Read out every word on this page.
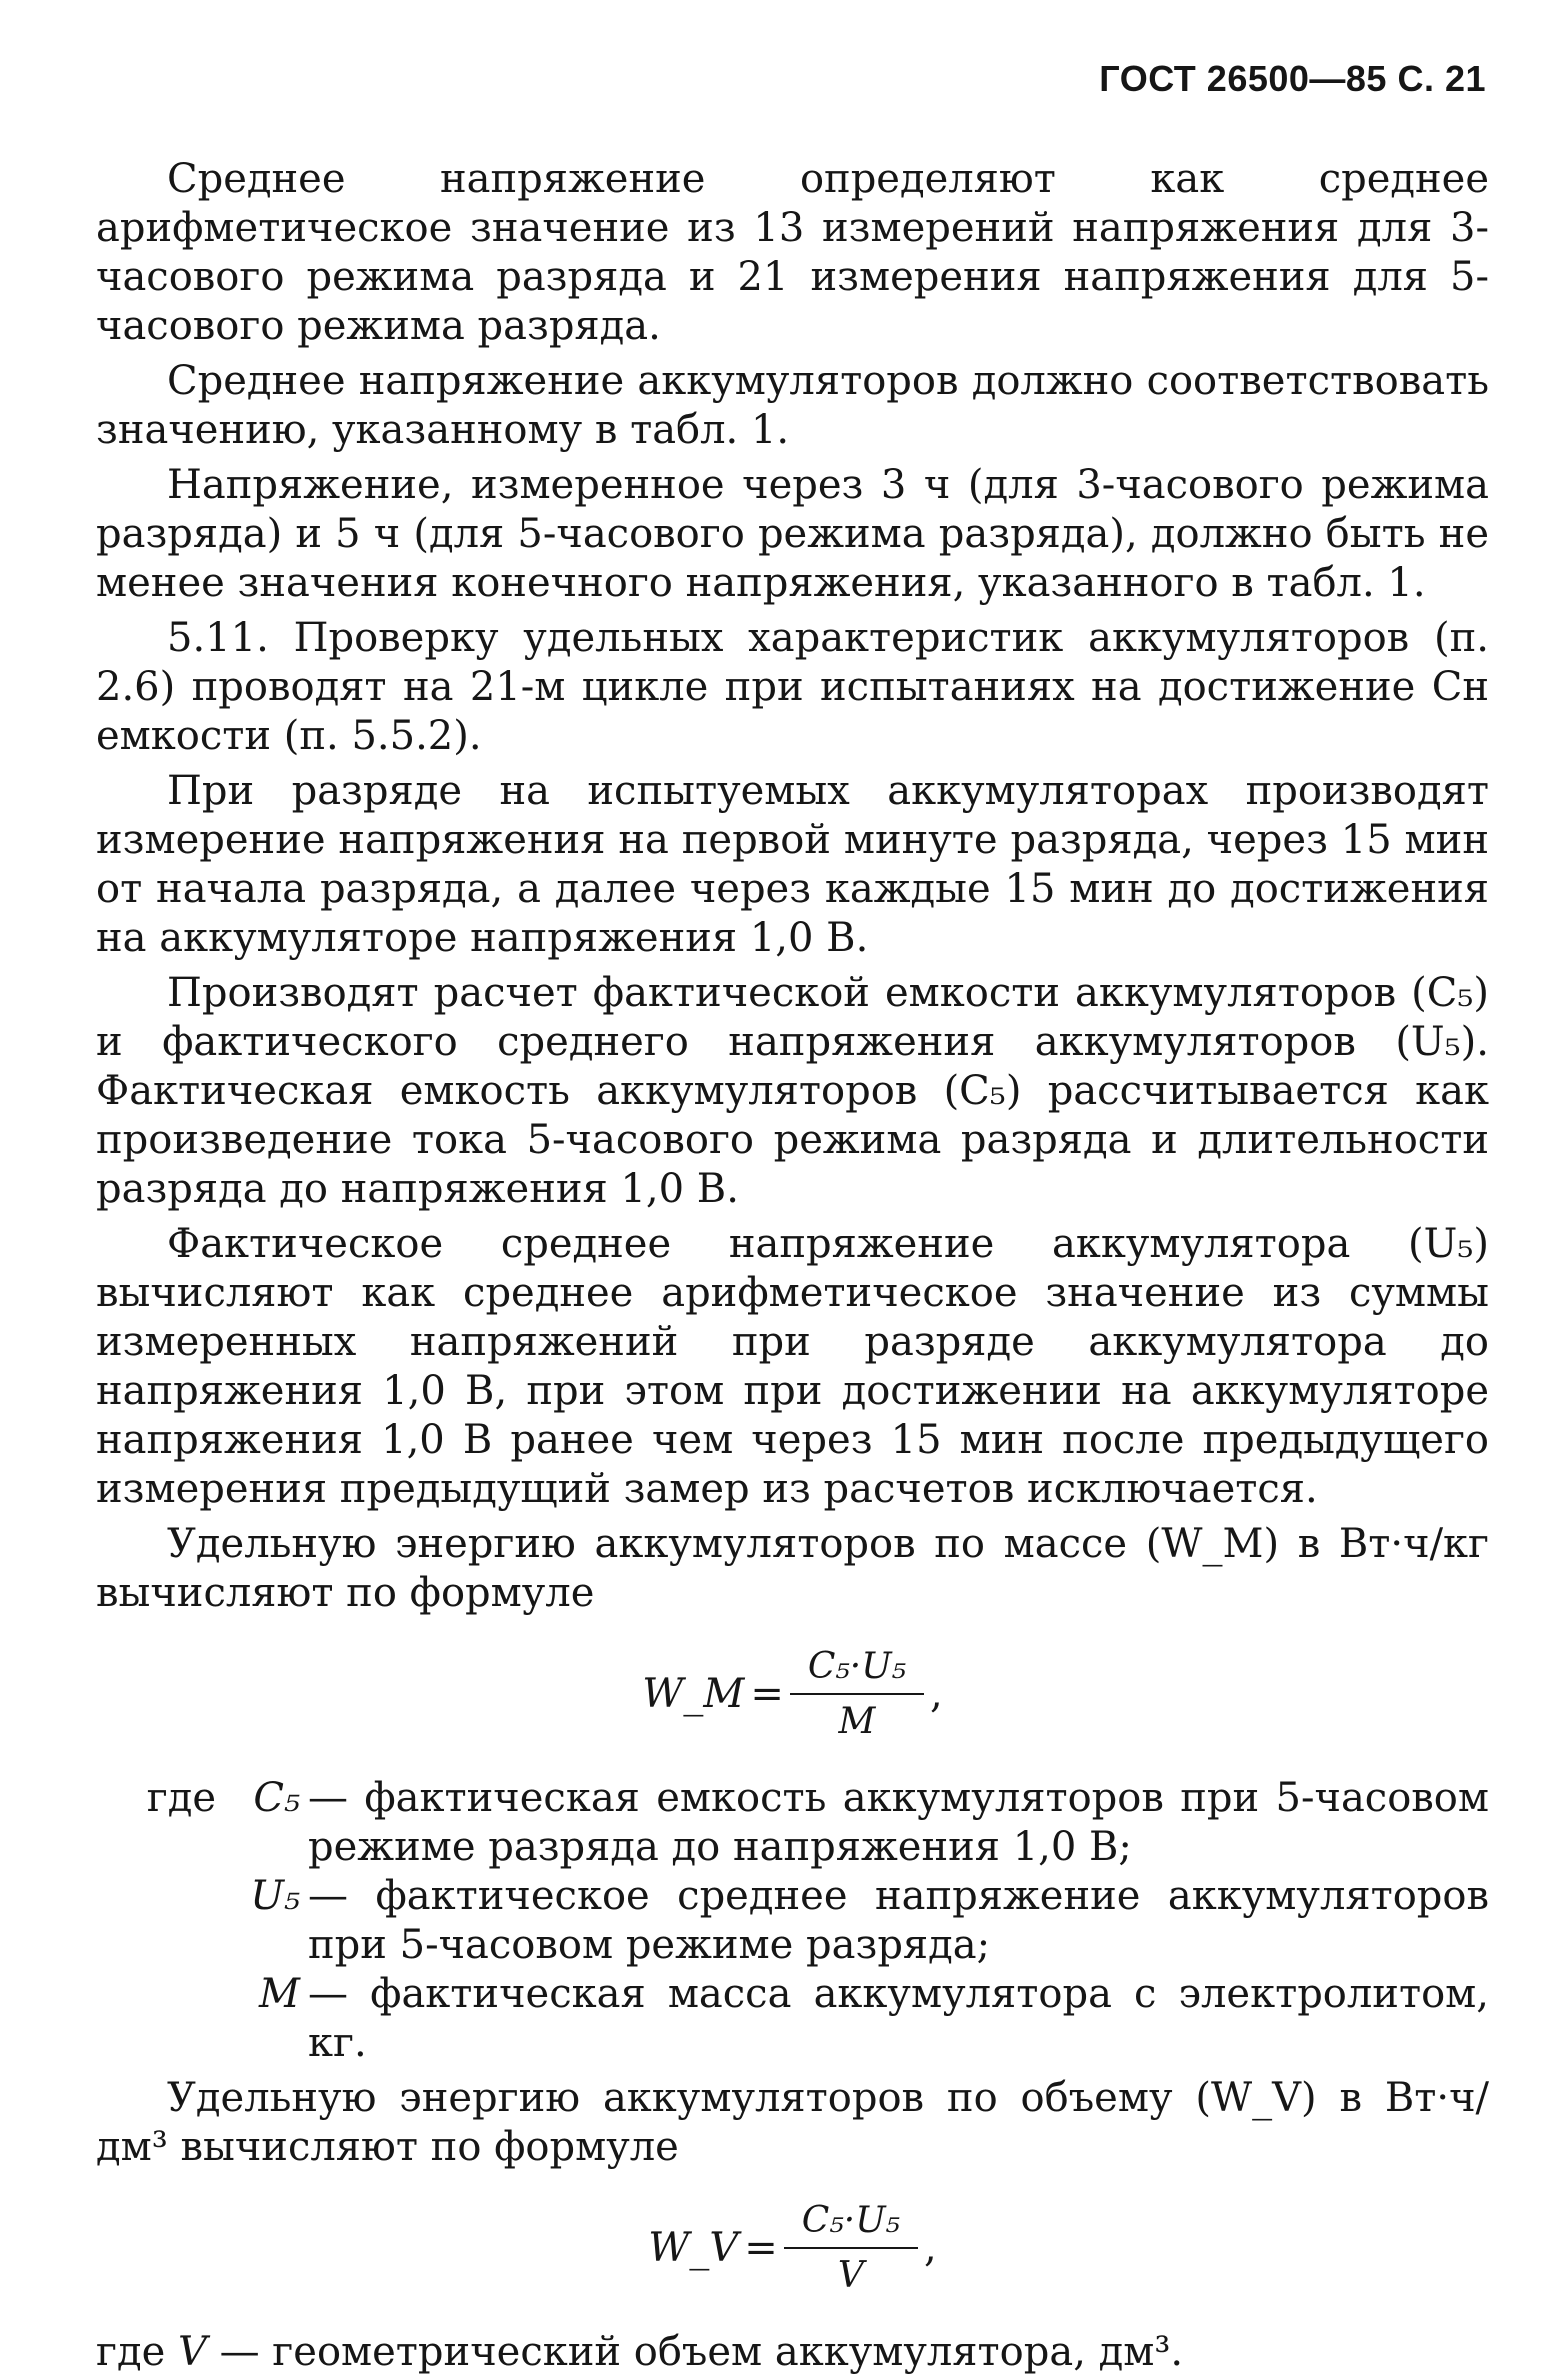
ГОСТ 26500—85 С. 21

Среднее напряжение определяют как среднее арифметическое значение из 13 измерений напряжения для 3-часового режима разряда и 21 измерения напряжения для 5-часового режима разряда.

Среднее напряжение аккумуляторов должно соответствовать значению, указанному в табл. 1.

Напряжение, измеренное через 3 ч (для 3-часового режима разряда) и 5 ч (для 5-часового режима разряда), должно быть не менее значения конечного напряжения, указанного в табл. 1.

5.11. Проверку удельных характеристик аккумуляторов (п. 2.6) проводят на 21-м цикле при испытаниях на достижение Cн емкости (п. 5.5.2).

При разряде на испытуемых аккумуляторах производят измерение напряжения на первой минуте разряда, через 15 мин от начала разряда, а далее через каждые 15 мин до достижения на аккумуляторе напряжения 1,0 В.

Производят расчет фактической емкости аккумуляторов (C₅) и фактического среднего напряжения аккумуляторов (U₅). Фактическая емкость аккумуляторов (C₅) рассчитывается как произведение тока 5-часового режима разряда и длительности разряда до напряжения 1,0 В.

Фактическое среднее напряжение аккумулятора (U₅) вычисляют как среднее арифметическое значение из суммы измеренных напряжений при разряде аккумулятора до напряжения 1,0 В, при этом при достижении на аккумуляторе напряжения 1,0 В ранее чем через 15 мин после предыдущего измерения предыдущий замер из расчетов исключается.

Удельную энергию аккумуляторов по массе (W_M) в Вт·ч/кг вычисляют по формуле

W_M = $\frac{\text{C₅·U₅}}{M}$ ,
где C₅ — фактическая емкость аккумуляторов при 5-часовом режиме разряда до напряжения 1,0 В;
U₅ — фактическое среднее напряжение аккумуляторов при 5-часовом режиме разряда;
M — фактическая масса аккумулятора с электролитом, кг.

Удельную энергию аккумуляторов по объему (W_V) в Вт·ч/дм³ вычисляют по формуле

W_V = $\frac{\text{C₅·U₅}}{V}$ ,
где V — геометрический объем аккумулятора, дм³.
